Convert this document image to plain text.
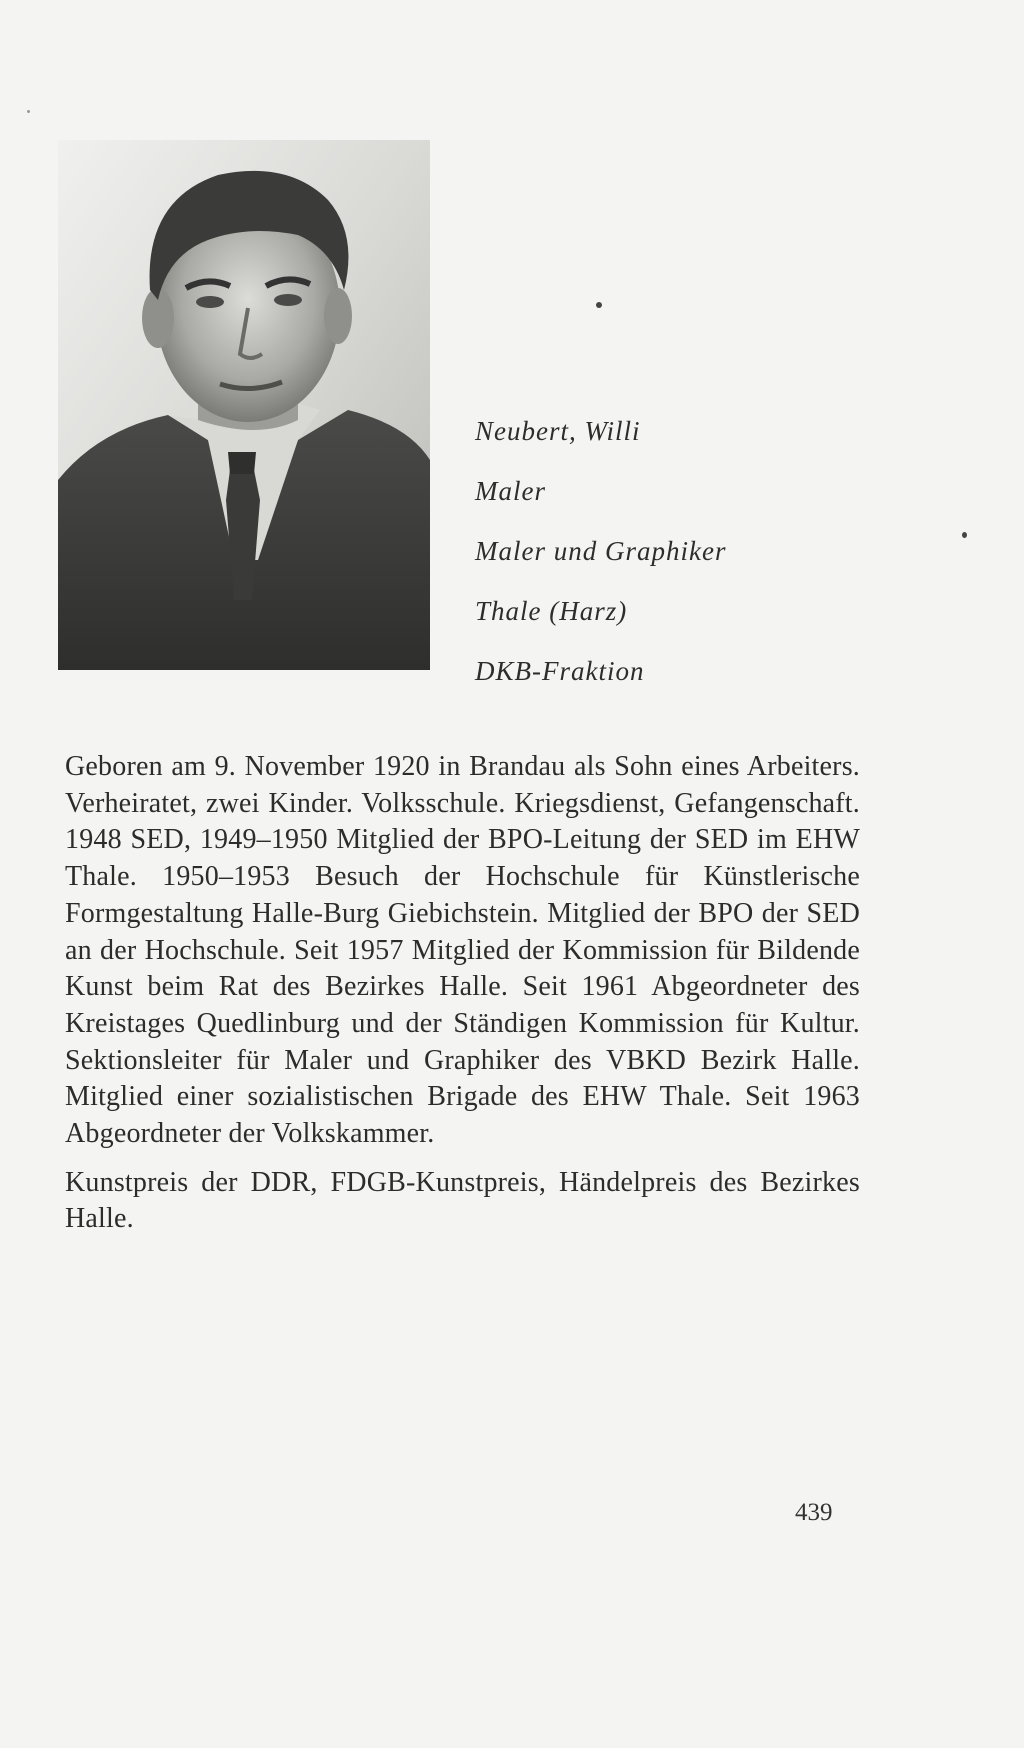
Neubert, Willi
Maler
Maler und Graphiker
Thale (Harz)
DKB-Fraktion

Geboren am 9. November 1920 in Brandau als Sohn eines Arbeiters. Verheiratet, zwei Kinder. Volksschule. Kriegsdienst, Gefangenschaft. 1948 SED, 1949–1950 Mitglied der BPO-Leitung der SED im EHW Thale. 1950–1953 Besuch der Hochschule für Künstlerische Formgestaltung Halle-Burg Giebichstein. Mitglied der BPO der SED an der Hochschule. Seit 1957 Mitglied der Kommission für Bildende Kunst beim Rat des Bezirkes Halle. Seit 1961 Abgeordneter des Kreistages Quedlinburg und der Ständigen Kommission für Kultur. Sektionsleiter für Maler und Graphiker des VBKD Bezirk Halle. Mitglied einer sozialistischen Brigade des EHW Thale. Seit 1963 Abgeordneter der Volkskammer.

Kunstpreis der DDR, FDGB-Kunstpreis, Händelpreis des Bezirkes Halle.

439
